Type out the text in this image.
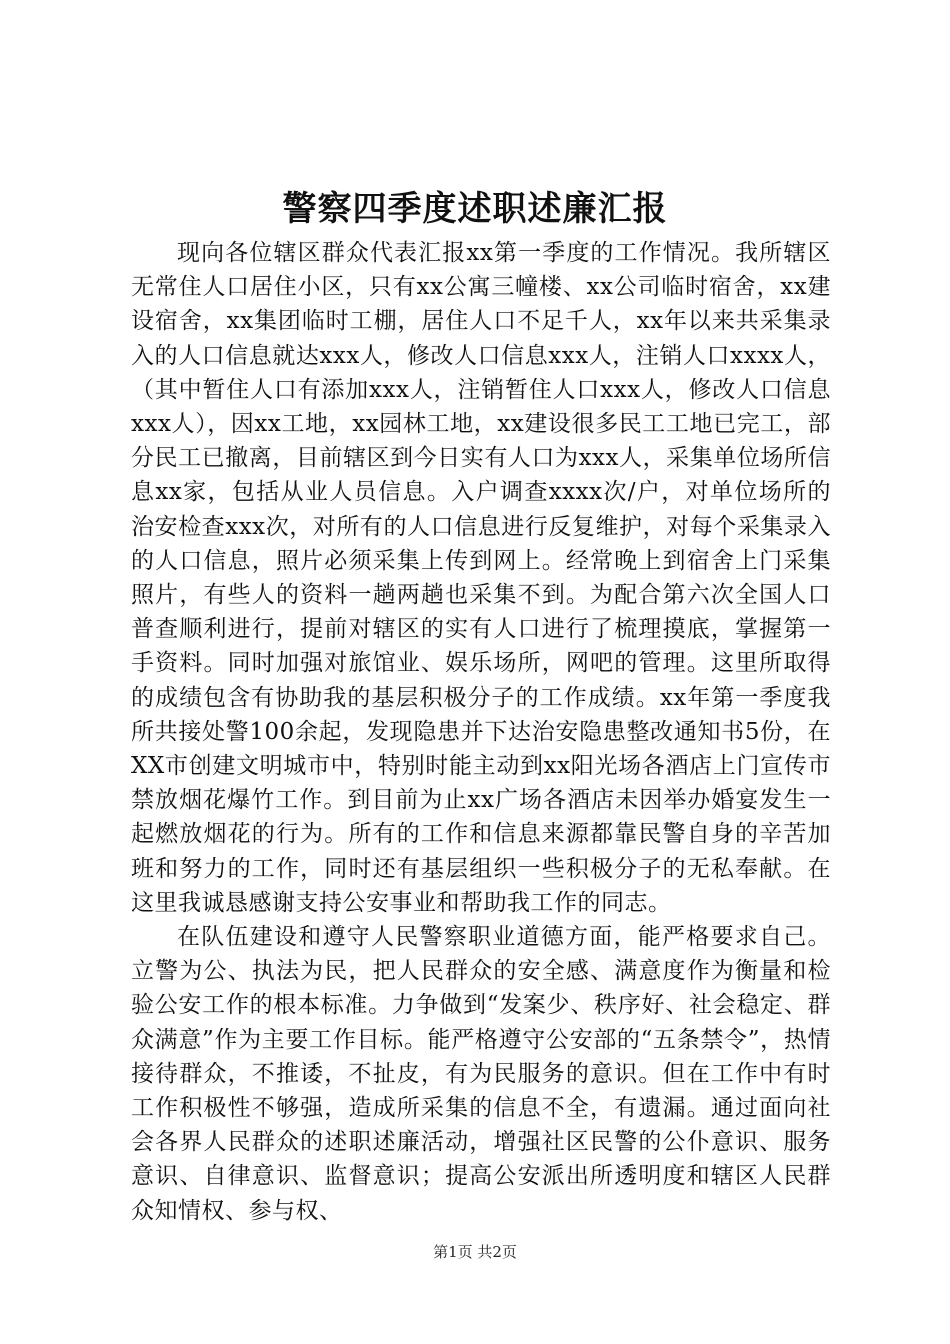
警察四季度述职述廉汇报

现向各位辖区群众代表汇报xx第一季度的工作情况。我所辖区无常住人口居住小区，只有xx公寓三幢楼、xx公司临时宿舍，xx建设宿舍，xx集团临时工棚，居住人口不足千人，xx年以来共采集录入的人口信息就达xxx人，修改人口信息xxx人，注销人口xxxx人，（其中暂住人口有添加xxx人，注销暂住人口xxx人，修改人口信息xxx人），因xx工地，xx园林工地，xx建设很多民工工地已完工，部分民工已撤离，目前辖区到今日实有人口为xxx人，采集单位场所信息xx家，包括从业人员信息。入户调查xxxx次/户，对单位场所的治安检查xxx次，对所有的人口信息进行反复维护，对每个采集录入的人口信息，照片必须采集上传到网上。经常晚上到宿舍上门采集照片，有些人的资料一趟两趟也采集不到。为配合第六次全国人口普查顺利进行，提前对辖区的实有人口进行了梳理摸底，掌握第一手资料。同时加强对旅馆业、娱乐场所，网吧的管理。这里所取得的成绩包含有协助我的基层积极分子的工作成绩。xx年第一季度我所共接处警100余起，发现隐患并下达治安隐患整改通知书5份，在XX市创建文明城市中，特别时能主动到xx阳光场各酒店上门宣传市禁放烟花爆竹工作。到目前为止xx广场各酒店未因举办婚宴发生一起燃放烟花的行为。所有的工作和信息来源都靠民警自身的辛苦加班和努力的工作，同时还有基层组织一些积极分子的无私奉献。在这里我诚恳感谢支持公安事业和帮助我工作的同志。

在队伍建设和遵守人民警察职业道德方面，能严格要求自己。立警为公、执法为民，把人民群众的安全感、满意度作为衡量和检验公安工作的根本标准。力争做到“发案少、秩序好、社会稳定、群众满意”作为主要工作目标。能严格遵守公安部的“五条禁令”，热情接待群众，不推诿，不扯皮，有为民服务的意识。但在工作中有时工作积极性不够强，造成所采集的信息不全，有遗漏。通过面向社会各界人民群众的述职述廉活动，增强社区民警的公仆意识、服务意识、自律意识、监督意识；提高公安派出所透明度和辖区人民群众知情权、参与权、

第1页 共2页
